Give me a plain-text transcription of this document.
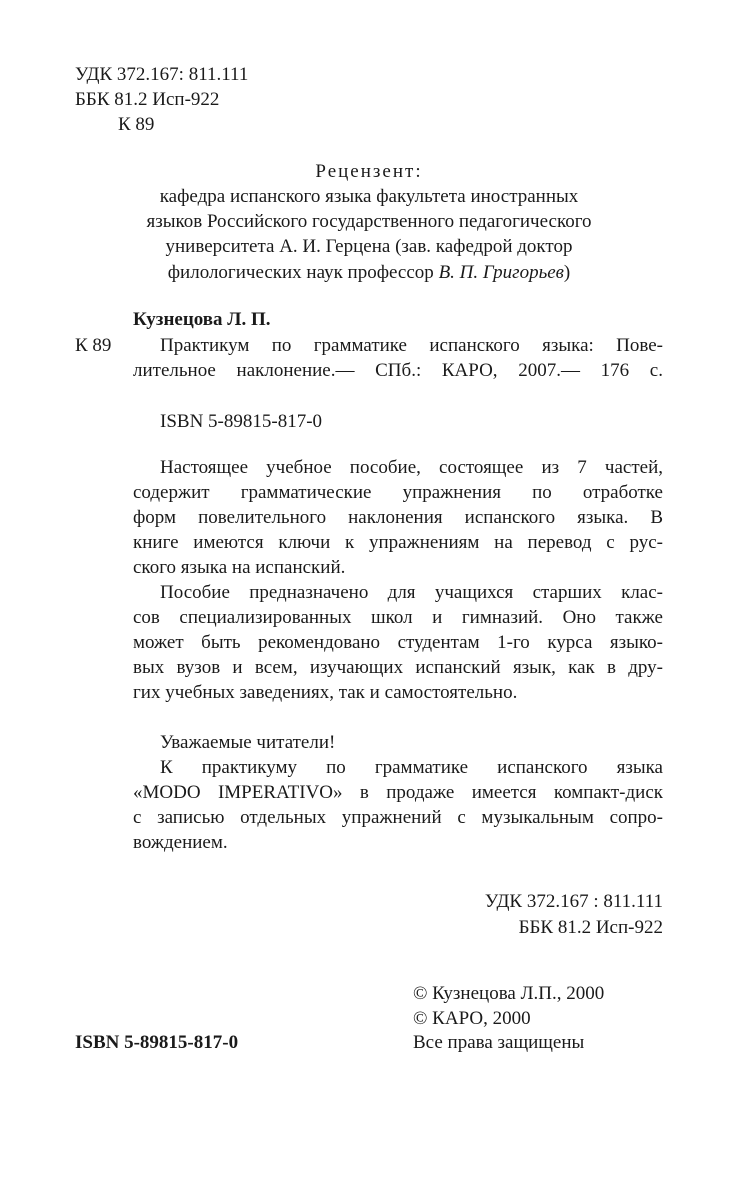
УДК 372.167: 811.111
ББК 81.2 Исп-922
К 89
Рецензент:
кафедра испанского языка факультета иностранных
языков Российского государственного педагогического
университета А. И. Герцена (зав. кафедрой доктор
филологических наук профессор В. П. Григорьев)
Кузнецова Л. П.
К 89	Практикум по грамматике испанского языка: Пове-
лительное наклонение.— СПб.: КАРО, 2007.— 176 с.
ISBN 5-89815-817-0
Настоящее учебное пособие, состоящее из 7 частей,
содержит грамматические упражнения по отработке
форм повелительного наклонения испанского языка. В
книге имеются ключи к упражнениям на перевод с рус-
ского языка на испанский.
Пособие предназначено для учащихся старших клас-
сов специализированных школ и гимназий. Оно также
может быть рекомендовано студентам 1-го курса языко-
вых вузов и всем, изучающих испанский язык, как в дру-
гих учебных заведениях, так и самостоятельно.
Уважаемые читатели!
К практикуму по грамматике испанского языка
«MODO IMPERATIVO» в продаже имеется компакт-диск
с записью отдельных упражнений с музыкальным сопро-
вождением.
УДК 372.167 : 811.111
ББК 81.2 Исп-922
© Кузнецова Л.П., 2000
© КАРО, 2000
ISBN 5-89815-817-0	Все права защищены
